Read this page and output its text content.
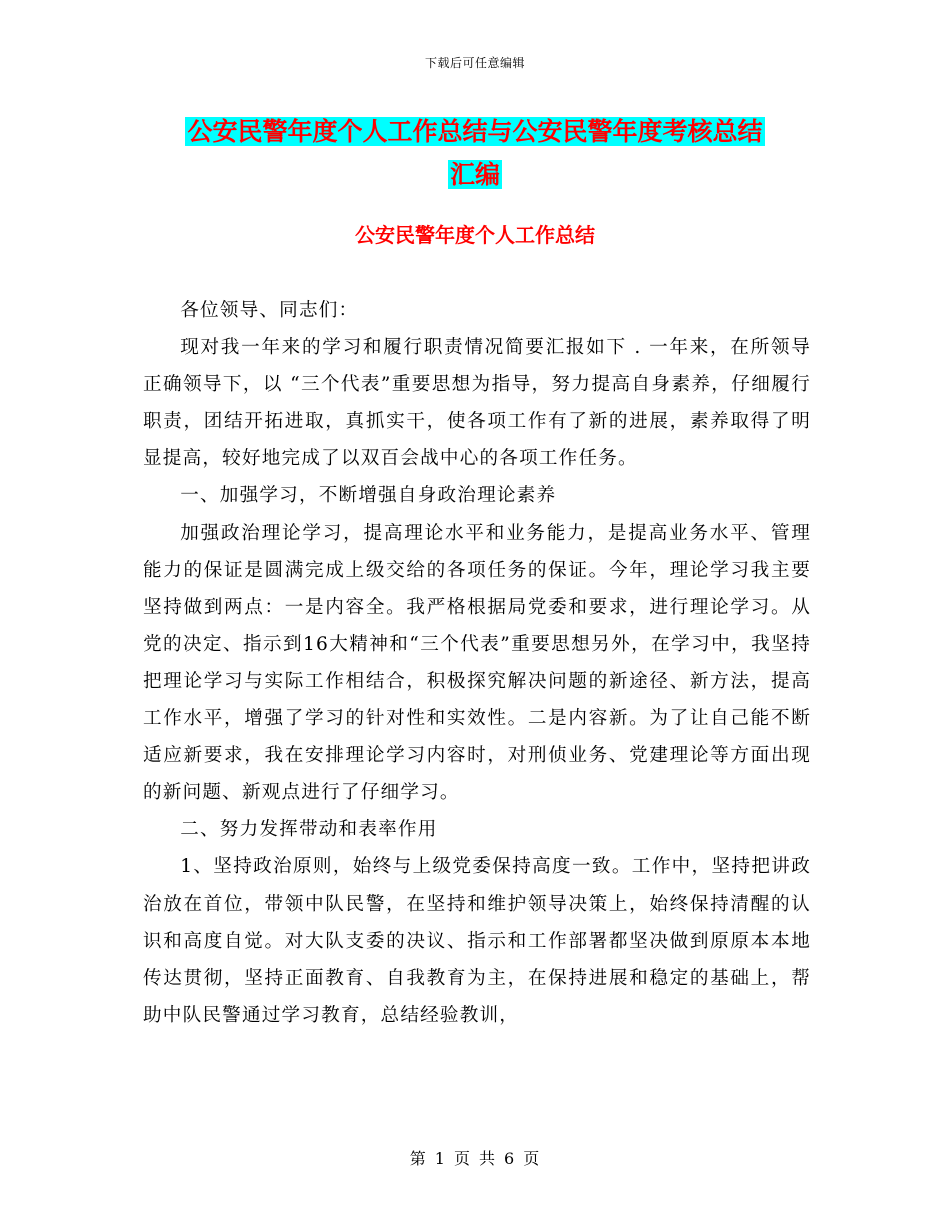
下载后可任意编辑
公安民警年度个人工作总结与公安民警年度考核总结
汇编
公安民警年度个人工作总结

各位领导、同志们：

现对我一年来的学习和履行职责情况简要汇报如下 . 一年来，在所领导正确领导下，以 “三个代表”重要思想为指导，努力提高自身素养，仔细履行职责，团结开拓进取，真抓实干，使各项工作有了新的进展，素养取得了明显提高，较好地完成了以双百会战中心的各项工作任务。

一、加强学习，不断增强自身政治理论素养

加强政治理论学习，提高理论水平和业务能力，是提高业务水平、管理能力的保证是圆满完成上级交给的各项任务的保证。今年，理论学习我主要坚持做到两点：一是内容全。我严格根据局党委和要求，进行理论学习。从党的决定、指示到16大精神和“三个代表”重要思想另外，在学习中，我坚持把理论学习与实际工作相结合，积极探究解决问题的新途径、新方法，提高工作水平，增强了学习的针对性和实效性。二是内容新。为了让自己能不断适应新要求，我在安排理论学习内容时，对刑侦业务、党建理论等方面出现的新问题、新观点进行了仔细学习。

二、努力发挥带动和表率作用

1、坚持政治原则，始终与上级党委保持高度一致。工作中，坚持把讲政治放在首位，带领中队民警，在坚持和维护领导决策上，始终保持清醒的认识和高度自觉。对大队支委的决议、指示和工作部署都坚决做到原原本本地传达贯彻，坚持正面教育、自我教育为主，在保持进展和稳定的基础上，帮助中队民警通过学习教育，总结经验教训，

第 1 页 共 6 页
